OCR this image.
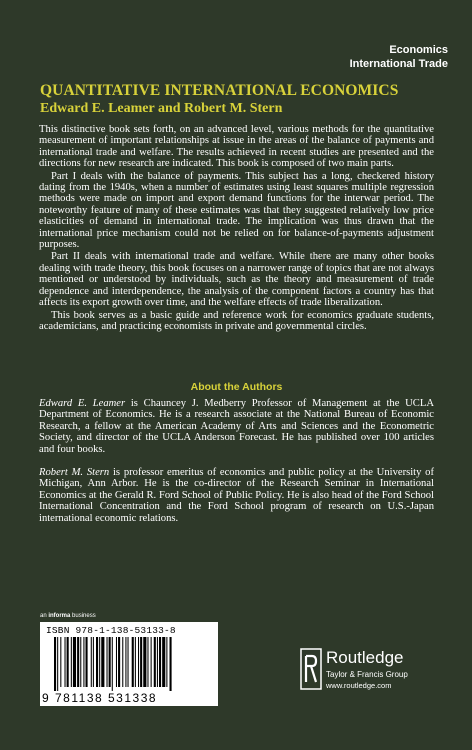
Economics
International Trade
QUANTITATIVE INTERNATIONAL ECONOMICS
Edward E. Leamer and Robert M. Stern

This distinctive book sets forth, on an advanced level, various methods for the quantitative measurement of important relationships at issue in the areas of the balance of payments and international trade and welfare. The results achieved in recent studies are presented and the directions for new research are indicated. This book is composed of two main parts.

Part I deals with the balance of payments. This subject has a long, checkered history dating from the 1940s, when a number of estimates using least squares multiple regression methods were made on import and export demand functions for the interwar period. The noteworthy feature of many of these estimates was that they suggested relatively low price elasticities of demand in international trade. The implication was thus drawn that the international price mechanism could not be relied on for balance-of-payments adjustment purposes.

Part II deals with international trade and welfare. While there are many other books dealing with trade theory, this book focuses on a narrower range of topics that are not always mentioned or understood by individuals, such as the theory and measurement of trade dependence and interdependence, the analysis of the component factors a country has that affects its export growth over time, and the welfare effects of trade liberalization.

This book serves as a basic guide and reference work for economics graduate students, academicians, and practicing economists in private and governmental circles.

About the Authors

Edward E. Leamer is Chauncey J. Medberry Professor of Management at the UCLA Department of Economics. He is a research associate at the National Bureau of Economic Research, a fellow at the American Academy of Arts and Sciences and the Econometric Society, and director of the UCLA Anderson Forecast. He has published over 100 articles and four books.

Robert M. Stern is professor emeritus of economics and public policy at the University of Michigan, Ann Arbor. He is the co-director of the Research Seminar in International Economics at the Gerald R. Ford School of Public Policy. He is also head of the Ford School International Concentration and the Ford School program of research on U.S.-Japan international economic relations.

an informa business
ISBN 978-1-138-53133-8
9 781138 531338
Routledge
Taylor & Francis Group
www.routledge.com
